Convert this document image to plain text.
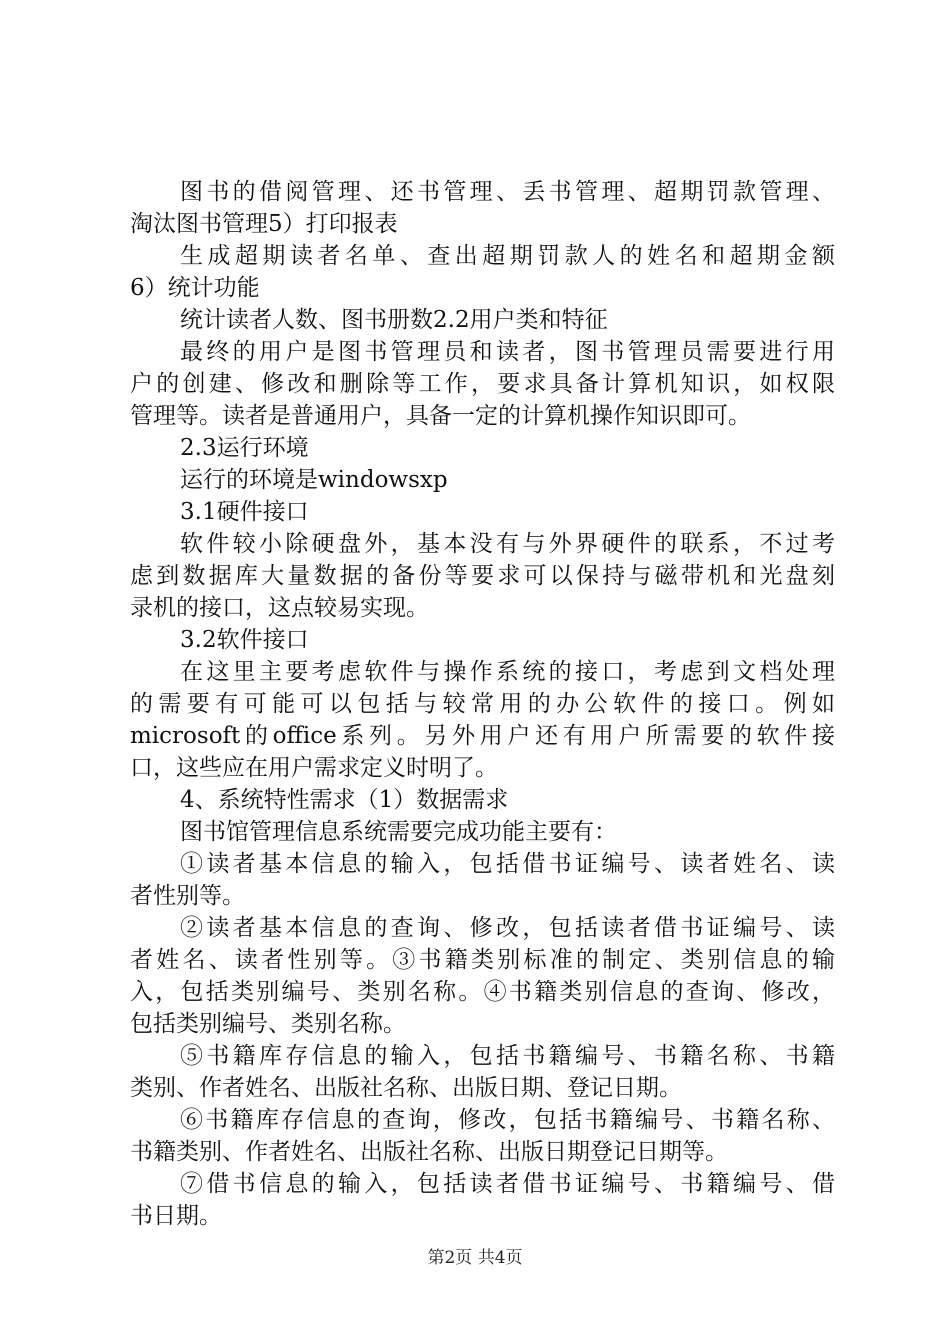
图书的借阅管理、还书管理、丢书管理、超期罚款管理、
淘汰图书管理5）打印报表
生成超期读者名单、查出超期罚款人的姓名和超期金额
6）统计功能
统计读者人数、图书册数2.2用户类和特征
最终的用户是图书管理员和读者，图书管理员需要进行用
户的创建、修改和删除等工作，要求具备计算机知识，如权限
管理等。读者是普通用户，具备一定的计算机操作知识即可。
2.3运行环境
运行的环境是windowsxp
3.1硬件接口
软件较小除硬盘外，基本没有与外界硬件的联系，不过考
虑到数据库大量数据的备份等要求可以保持与磁带机和光盘刻
录机的接口，这点较易实现。
3.2软件接口
在这里主要考虑软件与操作系统的接口，考虑到文档处理
的需要有可能可以包括与较常用的办公软件的接口。例如
microsoft的office系列。另外用户还有用户所需要的软件接
口，这些应在用户需求定义时明了。
4、系统特性需求（1）数据需求
图书馆管理信息系统需要完成功能主要有：
①读者基本信息的输入，包括借书证编号、读者姓名、读
者性别等。
②读者基本信息的查询、修改，包括读者借书证编号、读
者姓名、读者性别等。③书籍类别标准的制定、类别信息的输
入，包括类别编号、类别名称。④书籍类别信息的查询、修改，
包括类别编号、类别名称。
⑤书籍库存信息的输入，包括书籍编号、书籍名称、书籍
类别、作者姓名、出版社名称、出版日期、登记日期。
⑥书籍库存信息的查询，修改，包括书籍编号、书籍名称、
书籍类别、作者姓名、出版社名称、出版日期登记日期等。
⑦借书信息的输入，包括读者借书证编号、书籍编号、借
书日期。
第2页 共4页
